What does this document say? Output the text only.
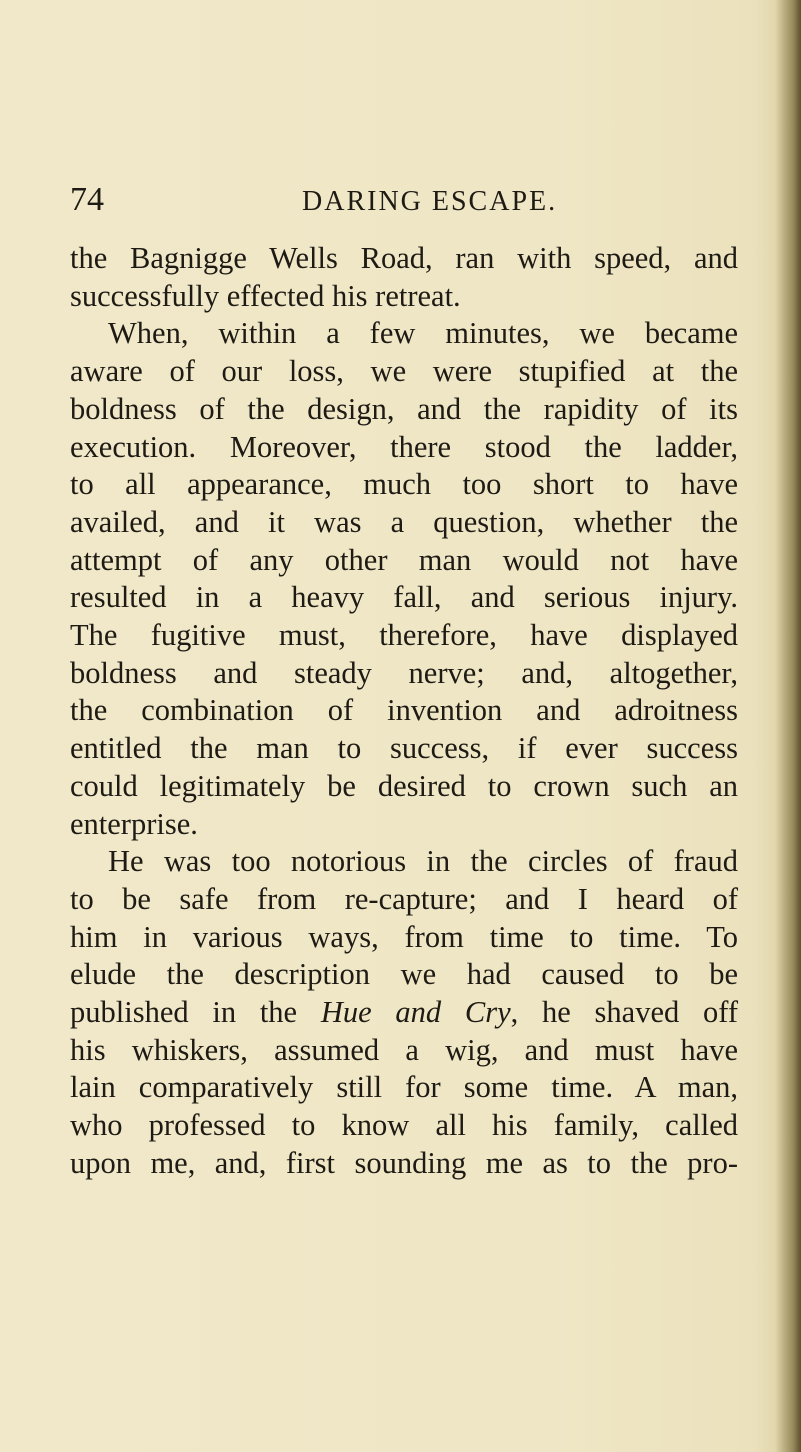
74	DARING ESCAPE.
the Bagnigge Wells Road, ran with speed, and
successfully effected his retreat.
When, within a few minutes, we became
aware of our loss, we were stupified at the
boldness of the design, and the rapidity of its
execution. Moreover, there stood the ladder,
to all appearance, much too short to have
availed, and it was a question, whether the
attempt of any other man would not have
resulted in a heavy fall, and serious injury.
The fugitive must, therefore, have displayed
boldness and steady nerve; and, altogether,
the combination of invention and adroitness
entitled the man to success, if ever success
could legitimately be desired to crown such an
enterprise.
He was too notorious in the circles of fraud
to be safe from re-capture; and I heard of
him in various ways, from time to time. To
elude the description we had caused to be
published in the Hue and Cry, he shaved off
his whiskers, assumed a wig, and must have
lain comparatively still for some time. A man,
who professed to know all his family, called
upon me, and, first sounding me as to the pro-
